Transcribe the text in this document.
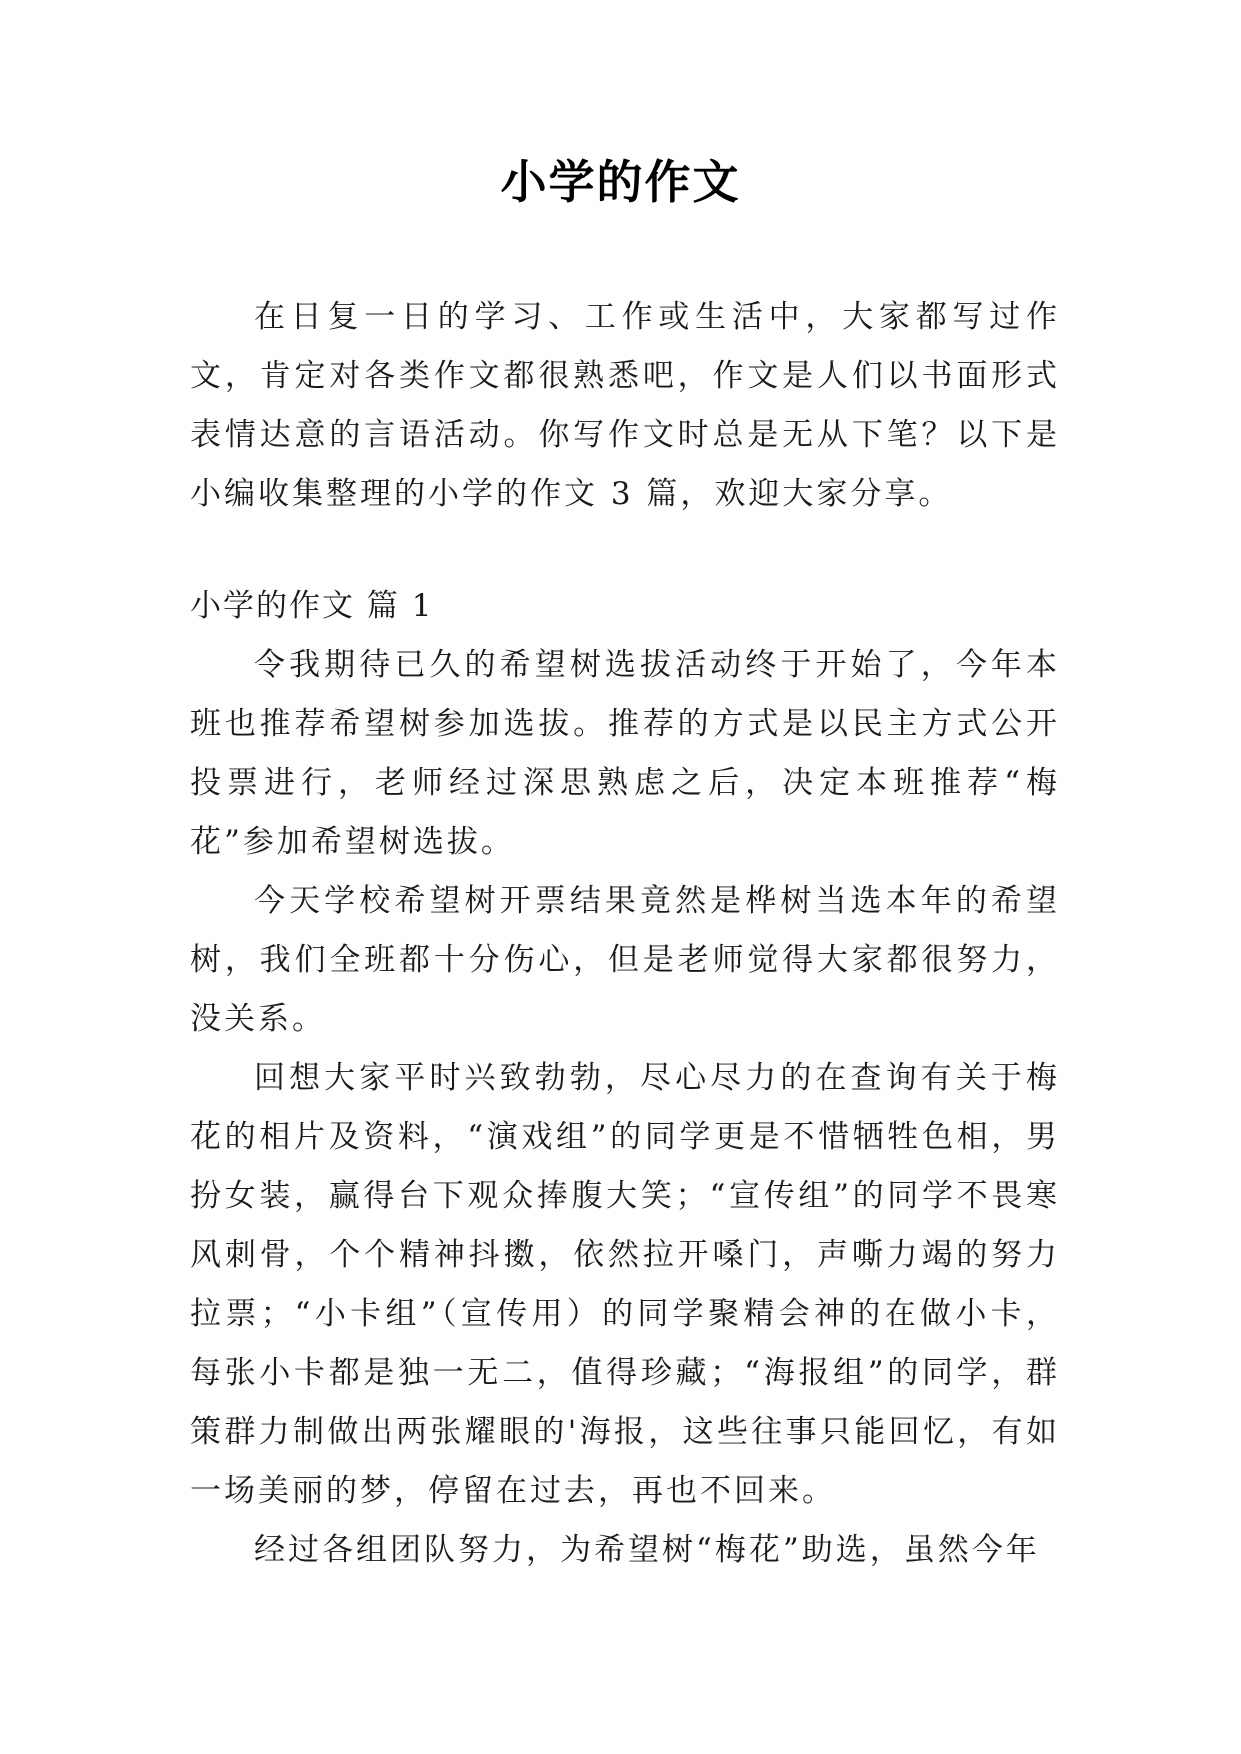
小学的作文

在日复一日的学习、工作或生活中，大家都写过作文，肯定对各类作文都很熟悉吧，作文是人们以书面形式表情达意的言语活动。你写作文时总是无从下笔？以下是小编收集整理的小学的作文 3 篇，欢迎大家分享。

小学的作文 篇 1

令我期待已久的希望树选拔活动终于开始了，今年本班也推荐希望树参加选拔。推荐的方式是以民主方式公开投票进行，老师经过深思熟虑之后，决定本班推荐“梅花”参加希望树选拔。

今天学校希望树开票结果竟然是桦树当选本年的希望树，我们全班都十分伤心，但是老师觉得大家都很努力，没关系。

回想大家平时兴致勃勃，尽心尽力的在查询有关于梅花的相片及资料，“演戏组”的同学更是不惜牺牲色相，男扮女装，赢得台下观众捧腹大笑；“宣传组”的同学不畏寒风刺骨，个个精神抖擞，依然拉开嗓门，声嘶力竭的努力拉票；“小卡组”（宣传用）的同学聚精会神的在做小卡，每张小卡都是独一无二，值得珍藏；“海报组”的同学，群策群力制做出两张耀眼的'海报，这些往事只能回忆，有如一场美丽的梦，停留在过去，再也不回来。

经过各组团队努力，为希望树“梅花”助选，虽然今年
